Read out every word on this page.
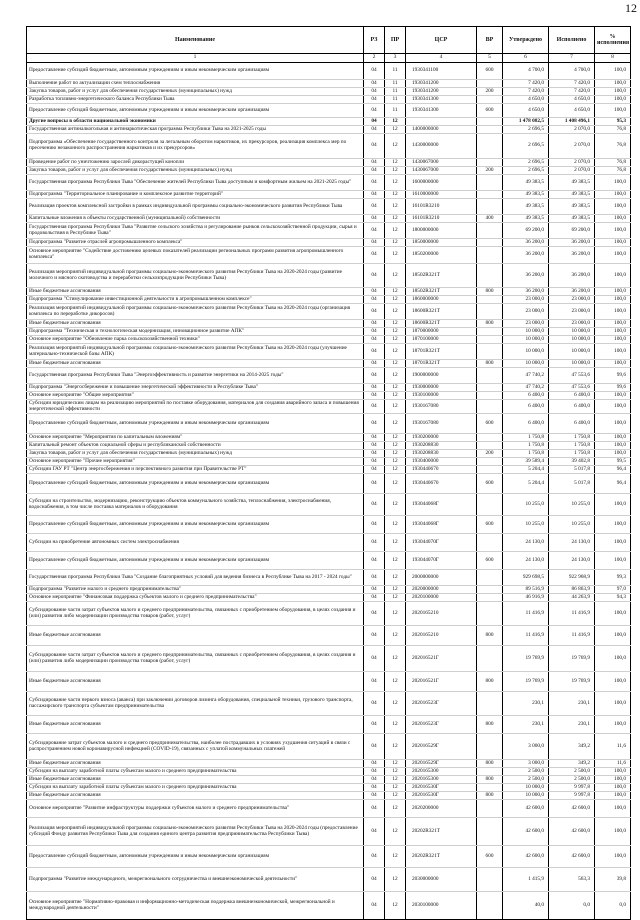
12
Наименование	РЗ	ПР	ЦСР	ВР	Утверждено	Исполнено	% исполнения
1	2	3	4	5	6	7	8
Предоставление субсидий бюджетным, автономным учреждениям и иным некоммерческим организациям	04	11	1930341100	600	4 700,0	4 700,0	100,0
Выполнение работ по актуализации схем теплоснабжения	04	11	1930341200		7 420,0	7 420,0	100,0
Закупка товаров, работ и услуг для обеспечения государственных (муниципальных) нужд	04	11	1930341200	200	7 420,0	7 420,0	100,0
Разработка топливно-энергетического баланса Республики Тыва	04	11	1930341300		4 650,0	4 650,0	100,0
Предоставление субсидий бюджетным, автономным учреждениям и иным некоммерческим организациям	04	11	1930341300	600	4 650,0	4 650,0	100,0
Другие вопросы в области национальной экономики	04	12			1 478 082,5	1 408 496,1	95,3
Государственная антиналкогольная и антинаркотическая программа Республики Тыва на 2021-2025 годы	04	12	1400000000		2 696,5	2 070,0	76,8
Подпрограмма «Обеспечение государственного контроля за легальным оборотом наркотиков, их прекурсоров, реализация комплекса мер по пресечению незаконного распространения наркотиков и их прекурсоров»	04	12	1430000000		2 696,5	2 070,0	76,8
Проведение работ по уничтожению зарослей дикорастущей конопли	04	12	1430067000		2 696,5	2 070,0	76,8
Закупка товаров, работ и услуг для обеспечения государственных (муниципальных) нужд	04	12	1430067000	200	2 696,5	2 070,0	76,8
Государственная программа Республики Тыва "Обеспечение жителей Республики Тыва доступным и комфортным жильем на 2021-2025 годы"	04	12	1600000000		49 383,5	49 383,5	100,0
Подпрограмма "Территориальное планирование и комплексное развитие территорий"	04	12	1610000000		49 383,5	49 383,5	100,0
Реализация проектов комплексной застройки в рамках индивидуальной программы социально-экономического развития Республики Тыва	04	12	16101R3210		49 383,5	49 383,5	100,0
Капитальные вложения в объекты государственной (муниципальной) собственности	04	12	16101R3210	400	49 383,5	49 383,5	100,0
Государственная программа Республики Тыва "Развитие сельского хозяйства и регулирование рынков сельскохозяйственной продукции, сырья и продовольствия в Республике Тыва"	04	12	1800000000		69 200,0	69 200,0	100,0
Подпрограмма "Развитие отраслей агропромышленного комплекса"	04	12	1850000000		36 200,0	36 200,0	100,0
Основное мероприятие "Содействие достижению целевых показателей реализации региональных программ развития агропромышленного комплекса"	04	12	1850200000		36 200,0	36 200,0	100,0
Реализация мероприятий индивидуальной программы социально-экономического развития Республики Тыва на 2020-2024 годы (развитие молочного и мясного скотоводства и переработки сельхозпродукции Республики Тыва)	04	12	18502R321Т		36 200,0	36 200,0	100,0
Иные бюджетные ассигнования	04	12	18502R321Т	800	36 200,0	36 200,0	100,0
Подпрограмма "Стимулирование инвестиционной деятельности в агропромышленном комплексе"	04	12	1860000000		23 000,0	23 000,0	100,0
Реализация мероприятий индивидуальной программы социально-экономического развития Республики Тыва на 2020-2024 годы (организация комплекса по переработке дикоросов)	04	12	18600R321Т		23 000,0	23 000,0	100,0
Иные бюджетные ассигнования	04	12	18600R321Т	800	23 000,0	23 000,0	100,0
Подпрограмма "Техническая и технологическая модернизация, инновационное развитие АПК"	04	12	1870000000		10 000,0	10 000,0	100,0
Основное мероприятие "Обновление парка сельскохозяйственной техники"	04	12	1870100000		10 000,0	10 000,0	100,0
Реализация мероприятий индивидуальной программы социально-экономического развития Республики Тыва на 2020-2024 годы (улучшение материально-технической базы АПК)	04	12	18701R321Т		10 000,0	10 000,0	100,0
Иные бюджетные ассигнования	04	12	18701R321Т	800	10 000,0	10 000,0	100,0
Государственная программа Республики Тыва "Энергоэффективность и развитие энергетики на 2014-2025 годы"	04	12	1900000000		47 740,2	47 553,6	99,6
Подпрограмма "Энергосбережение и повышение энергетической эффективности в Республике Тыва"	04	12	1930000000		47 740,2	47 553,6	99,6
Основное мероприятие "Общие мероприятия"	04	12	1930100000		6 400,0	6 400,0	100,0
Субсидии юридическим лицам на реализацию мероприятий по поставке оборудования, материалов для создания аварийного запаса и повышения энергетической эффективности	04	12	1930167080		6 400,0	6 400,0	100,0
Предоставление субсидий бюджетным, автономным учреждениям и иным некоммерческим организациям	04	12	1930167080	600	6 400,0	6 400,0	100,0
Основное мероприятие "Мероприятия по капитальным вложениям"	04	12	1930200000		1 750,8	1 750,8	100,0
Капитальный ремонт объектов социальной сферы и республиканской собственности	04	12	1930208830		1 750,8	1 750,8	100,0
Закупка товаров, работ и услуг для обеспечения государственных (муниципальных) нужд	04	12	1930208830	200	1 750,8	1 750,8	100,0
Основное мероприятие "Прочие мероприятия"	04	12	1930400000		39 589,4	39 402,8	99,5
Субсидии ГАУ РТ "Центр энергосбережения и перспективного развития при Правительстве РТ"	04	12	1930440670		5 204,4	5 017,8	96,4
Предоставление субсидий бюджетным, автономным учреждениям и иным некоммерческим организациям	04	12	1930440670	600	5 204,4	5 017,8	96,4
Субсидии на строительство, модернизацию, реконструкцию объектов коммунального хозяйства, теплоснабжения, электроснабжения, водоснабжения, в том числе поставка материалов и оборудования	04	12	193044068Г		10 255,0	10 255,0	100,0
Предоставление субсидий бюджетным, автономным учреждениям и иным некоммерческим организациям	04	12	193044068Г	600	10 255,0	10 255,0	100,0
Субсидии на приобретение автономных систем электроснабжения	04	12	193044070Г		24 130,0	24 130,0	100,0
Предоставление субсидий бюджетным, автономным учреждениям и иным некоммерческим организациям	04	12	193044070Г	600	24 130,0	24 130,0	100,0
Государственная программа Республики Тыва "Создание благоприятных условий для ведения бизнеса в Республике Тыва на 2017 - 2024 годы"	04	12	2000000000		929 698,5	922 968,9	99,3
Подпрограмма "Развитие малого и среднего предпринимательства"	04	12	2020000000		89 516,9	86 863,9	97,0
Основное мероприятие "Финансовая поддержка субъектов малого и среднего предпринимательства"	04	12	2020100000		46 916,9	44 263,9	94,3
Субсидирование части затрат субъектов малого и среднего предпринимательства, связанных с приобретением оборудования, в целях создания и (или) развития либо модернизации производства товаров (работ, услуг)	04	12	2020165210		11 416,9	11 416,9	100,0
Иные бюджетные ассигнования	04	12	2020165210	800	11 416,9	11 416,9	100,0
Субсидирование части затрат субъектов малого и среднего предпринимательства, связанных с приобретением оборудования, в целях создания и (или) развития либо модернизации производства товаров (работ, услуг)	04	12	202016521Г		19 769,9	19 769,9	100,0
Иные бюджетные ассигнования	04	12	202016521Г	800	19 769,9	19 769,9	100,0
Субсидирование части первого взноса (аванса) при заключении договоров лизинга оборудования, специальной техники, грузового транспорта, пассажирского транспорта субъектам предпринимательства	04	12	202016523Г		230,1	230,1	100,0
Иные бюджетные ассигнования	04	12	202016523Г	800	230,1	230,1	100,0
Субсидирование затрат субъектов малого и среднего предпринимательства, наиболее пострадавших в условиях ухудшения ситуаций в связи с распространением новой коронавирусной инфекцией (COVID-19), связанных с уплатой коммунальных платежей	04	12	202016529Г		3 000,0	349,2	11,6
Иные бюджетные ассигнования	04	12	202016529Г	800	3 000,0	349,2	11,6
Субсидии на выплату заработной платы субъектам малого и среднего предпринимательства	04	12	2020165300		2 500,0	2 500,0	100,0
Иные бюджетные ассигнования	04	12	2020165300	800	2 500,0	2 500,0	100,0
Субсидии на выплату заработной платы субъектам малого и среднего предпринимательства	04	12	202016530Г		10 000,0	9 997,8	100,0
Иные бюджетные ассигнования	04	12	202016530Г	800	10 000,0	9 997,8	100,0
Основное мероприятие "Развитие инфраструктуры поддержки субъектов малого и среднего предпринимательства"	04	12	2020200000		42 600,0	42 600,0	100,0
Реализация мероприятий индивидуальной программы социально-экономического развития Республики Тыва на 2020-2024 годы (предоставление субсидий Фонду развития Республики Тыва для создания единого центра развития предпринимательства Республики Тыва)	04	12	20202R321Т		42 600,0	42 600,0	100,0
Предоставление субсидий бюджетным, автономным учреждениям и иным некоммерческим организациям	04	12	20202R321Т	600	42 600,0	42 600,0	100,0
Подпрограмма "Развитие международного, межрегионального сотрудничества и внешнеэкономической деятельности"	04	12	2030000000		1 415,9	563,3	39,8
Основное мероприятие "Нормативно-правовая и информационно-методическая поддержка внешнеэкономической, межрегиональной и международной деятельности"	04	12	2030100000		40,0	0,0	0,0
